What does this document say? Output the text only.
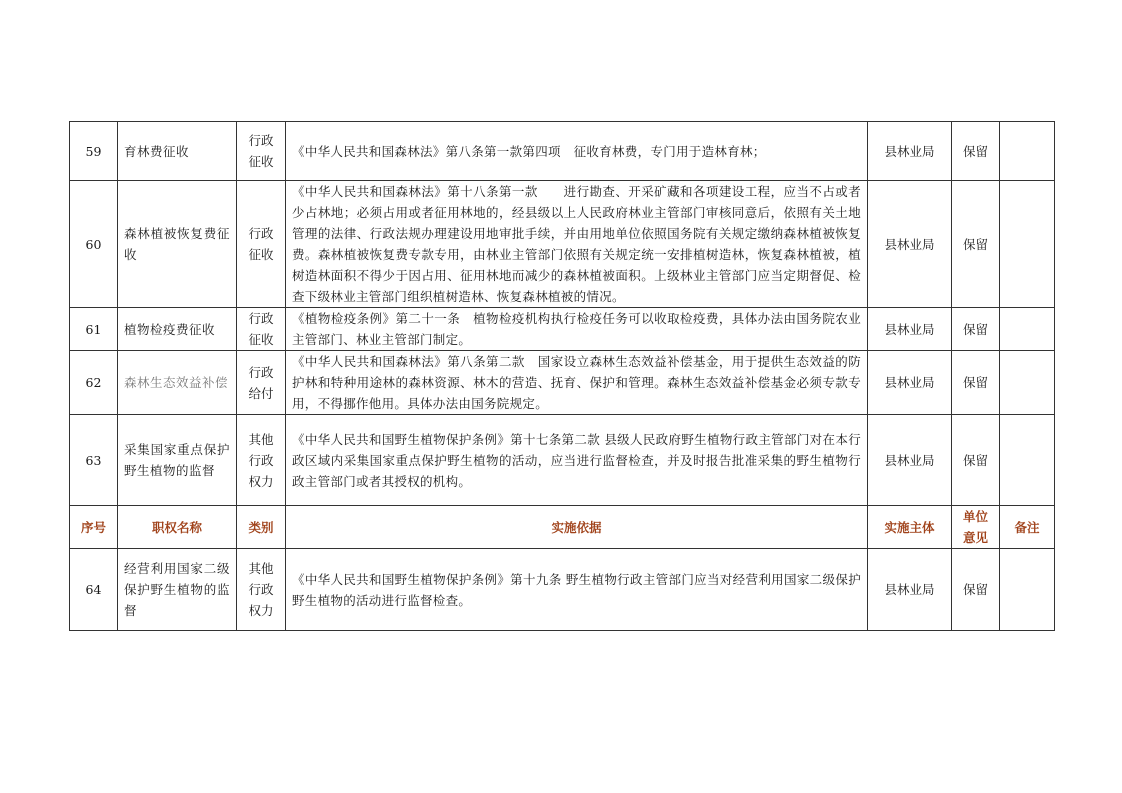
59	育林费征收	行政征收	《中华人民共和国森林法》第八条第一款第四项　征收育林费，专门用于造林育林；	县林业局	保留	
60	森林植被恢复费征收	行政征收	《中华人民共和国森林法》第十八条第一款　　进行勘查、开采矿藏和各项建设工程，应当不占或者少占林地；必须占用或者征用林地的，经县级以上人民政府林业主管部门审核同意后，依照有关土地管理的法律、行政法规办理建设用地审批手续，并由用地单位依照国务院有关规定缴纳森林植被恢复费。森林植被恢复费专款专用，由林业主管部门依照有关规定统一安排植树造林，恢复森林植被，植树造林面积不得少于因占用、征用林地而减少的森林植被面积。上级林业主管部门应当定期督促、检查下级林业主管部门组织植树造林、恢复森林植被的情况。	县林业局	保留	
61	植物检疫费征收	行政征收	《植物检疫条例》第二十一条　植物检疫机构执行检疫任务可以收取检疫费，具体办法由国务院农业主管部门、林业主管部门制定。	县林业局	保留	
62	森林生态效益补偿	行政给付	《中华人民共和国森林法》第八条第二款　国家设立森林生态效益补偿基金，用于提供生态效益的防护林和特种用途林的森林资源、林木的营造、抚育、保护和管理。森林生态效益补偿基金必须专款专用，不得挪作他用。具体办法由国务院规定。	县林业局	保留	
63	采集国家重点保护野生植物的监督	其他行政权力	《中华人民共和国野生植物保护条例》第十七条第二款 县级人民政府野生植物行政主管部门对在本行政区域内采集国家重点保护野生植物的活动，应当进行监督检查，并及时报告批准采集的野生植物行政主管部门或者其授权的机构。	县林业局	保留	
序号	职权名称	类别	实施依据	实施主体	单位意见	备注
64	经营利用国家二级保护野生植物的监督	其他行政权力	《中华人民共和国野生植物保护条例》第十九条 野生植物行政主管部门应当对经营利用国家二级保护野生植物的活动进行监督检查。	县林业局	保留	
